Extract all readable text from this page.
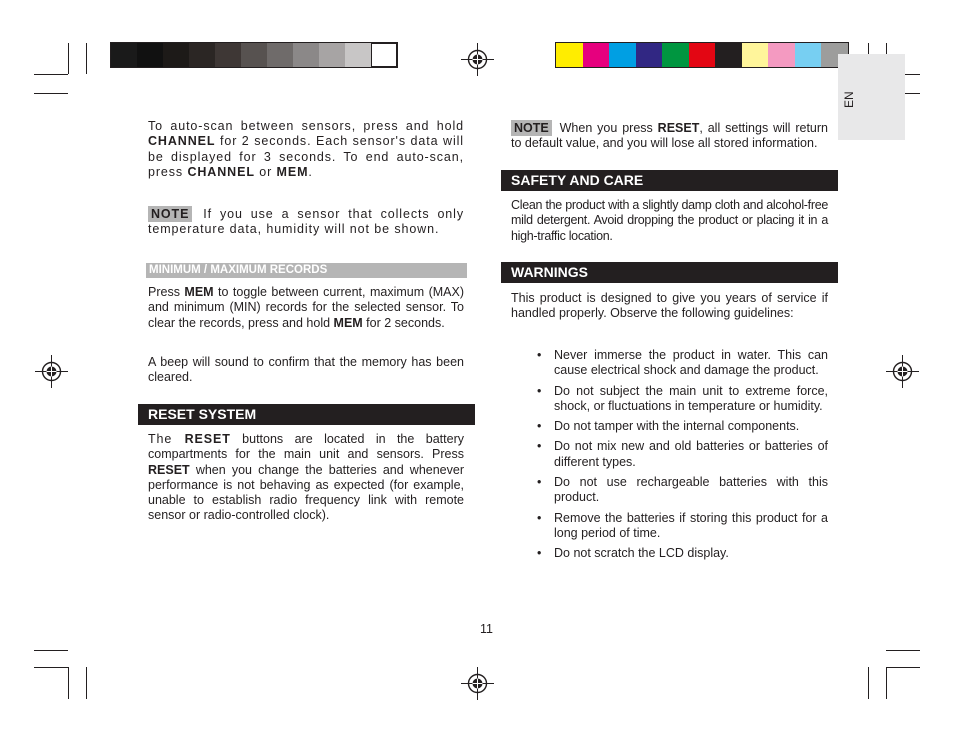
EN

To auto-scan between sensors, press and hold CHANNEL for 2 seconds. Each sensor's data will be displayed for 3 seconds. To end auto-scan, press CHANNEL or MEM.

NOTE If you use a sensor that collects only temperature data, humidity will not be shown.

MINIMUM / MAXIMUM RECORDS

Press MEM to toggle between current, maximum (MAX) and minimum (MIN) records for the selected sensor. To clear the records, press and hold MEM for 2 seconds.

A beep will sound to confirm that the memory has been cleared.

RESET SYSTEM

The RESET buttons are located in the battery compartments for the main unit and sensors. Press RESET when you change the batteries and whenever performance is not behaving as expected (for example, unable to establish radio frequency link with remote sensor or radio-controlled clock).

NOTE When you press RESET, all settings will return to default value, and you will lose all stored information.

SAFETY AND CARE

Clean the product with a slightly damp cloth and alcohol-free mild detergent. Avoid dropping the product or placing it in a high-traffic location.

WARNINGS

This product is designed to give you years of service if handled properly. Observe the following guidelines:

• Never immerse the product in water. This can cause electrical shock and damage the product.
• Do not subject the main unit to extreme force, shock, or fluctuations in temperature or humidity.
• Do not tamper with the internal components.
• Do not mix new and old batteries or batteries of different types.
• Do not use rechargeable batteries with this product.
• Remove the batteries if storing this product for a long period of time.
• Do not scratch the LCD display.
11
